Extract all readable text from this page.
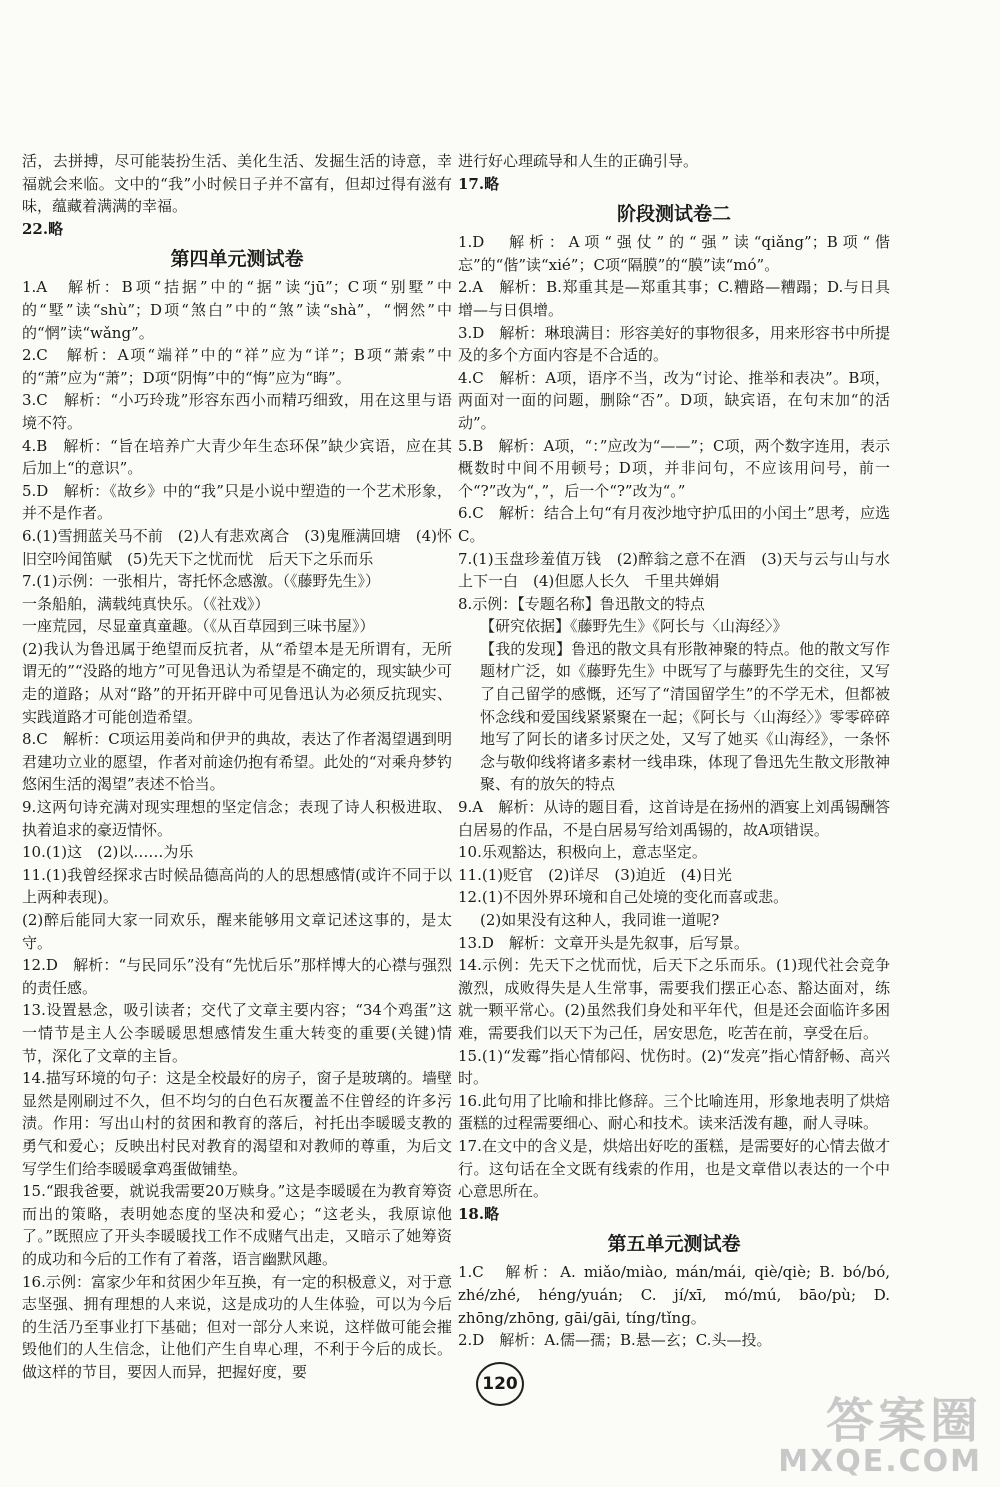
活，去拼搏，尽可能装扮生活、美化生活、发掘生活的诗意，幸福就会来临。文中的“我”小时候日子并不富有，但却过得有滋有味，蕴藏着满满的幸福。
22.略
第四单元测试卷
1.A　解析：B项“拮据”中的“据”读“jū”；C项“别墅”中的“墅”读“shù”；D项“煞白”中的“煞”读“shà”，“惘然”中的“惘”读“wǎng”。
2.C　解析：A项“端祥”中的“祥”应为“详”；B项“萧索”中的“萧”应为“萧”；D项“阴悔”中的“悔”应为“晦”。
3.C　解析：“小巧玲珑”形容东西小而精巧细致，用在这里与语境不符。
4.B　解析：“旨在培养广大青少年生态环保”缺少宾语，应在其后加上“的意识”。
5.D　解析：《故乡》中的“我”只是小说中塑造的一个艺术形象，并不是作者。
6.(1)雪拥蓝关马不前　(2)人有悲欢离合　(3)鬼雁满回塘　(4)怀旧空吟闻笛赋　(5)先天下之忧而忧　后天下之乐而乐
7.(1)示例：一张相片，寄托怀念感激。（《藤野先生》）
一条船舶，满载纯真快乐。（《社戏》）
一座荒园，尽显童真童趣。（《从百草园到三味书屋》）
(2)我认为鲁迅属于绝望而反抗者，从“希望本是无所谓有，无所谓无的”“没路的地方”可见鲁迅认为希望是不确定的，现实缺少可走的道路；从对“路”的开拓开辟中可见鲁迅认为必须反抗现实、实践道路才可能创造希望。
8.C　解析：C项运用姜尚和伊尹的典故，表达了作者渴望遇到明君建功立业的愿望，作者对前途仍抱有希望。此处的“对乘舟梦钓悠闲生活的渴望”表述不恰当。
9.这两句诗充满对现实理想的坚定信念；表现了诗人积极进取、执着追求的豪迈情怀。
10.(1)这　(2)以……为乐
11.(1)我曾经探求古时候品德高尚的人的思想感情(或许不同于以上两种表现)。
(2)醉后能同大家一同欢乐，醒来能够用文章记述这事的，是太守。
12.D　解析：“与民同乐”没有“先忧后乐”那样博大的心襟与强烈的责任感。
13.设置悬念，吸引读者；交代了文章主要内容；“34个鸡蛋”这一情节是主人公李暖暖思想感情发生重大转变的重要(关键)情节，深化了文章的主旨。
14.描写环境的句子：这是全校最好的房子，窗子是玻璃的。墙壁显然是刚刷过不久，但不均匀的白色石灰覆盖不住曾经的许多污渍。作用：写出山村的贫困和教育的落后，衬托出李暖暖支教的勇气和爱心；反映出村民对教育的渴望和对教师的尊重，为后文写学生们给李暖暖拿鸡蛋做铺垫。
15.“跟我爸要，就说我需要20万赎身。”这是李暖暖在为教育筹资而出的策略，表明她态度的坚决和爱心；“这老头，我原谅他了。”既照应了开头李暖暖找工作不成赌气出走，又暗示了她筹资的成功和今后的工作有了着落，语言幽默风趣。
16.示例：富家少年和贫困少年互换，有一定的积极意义，对于意志坚强、拥有理想的人来说，这是成功的人生体验，可以为今后的生活乃至事业打下基础；但对一部分人来说，这样做可能会摧毁他们的人生信念，让他们产生自卑心理，不利于今后的成长。做这样的节目，要因人而异，把握好度，要
进行好心理疏导和人生的正确引导。
17.略
阶段测试卷二
1.D　解析：A项“强仗”的“强”读“qiǎng”；B项“偕忘”的“偕”读“xié”；C项“隔膜”的“膜”读“mó”。
2.A　解析：B.郑重其是—郑重其事；C.糟路—糟蹋；D.与日具增—与日俱增。
3.D　解析：琳琅满目：形容美好的事物很多，用来形容书中所提及的多个方面内容是不合适的。
4.C　解析：A项，语序不当，改为“讨论、推举和表决”。B项，两面对一面的问题，删除“否”。D项，缺宾语，在句末加“的活动”。
5.B　解析：A项，“：”应改为“——”；C项，两个数字连用，表示概数时中间不用顿号；D项，并非问句，不应该用问号，前一个“?”改为“，”，后一个“?”改为“。”
6.C　解析：结合上句“有月夜沙地守护瓜田的小闰土”思考，应选C。
7.(1)玉盘珍羞值万钱　(2)醉翁之意不在酒　(3)天与云与山与水　上下一白　(4)但愿人长久　千里共婵娟
8.示例：【专题名称】鲁迅散文的特点
【研究依据】《藤野先生》《阿长与〈山海经〉》
【我的发现】鲁迅的散文具有形散神聚的特点。他的散文写作题材广泛，如《藤野先生》中既写了与藤野先生的交往，又写了自己留学的感慨，还写了“清国留学生”的不学无术，但都被怀念线和爱国线紧紧聚在一起；《阿长与〈山海经〉》零零碎碎地写了阿长的诸多讨厌之处，又写了她买《山海经》，一条怀念与敬仰线将诸多素材一线串珠，体现了鲁迅先生散文形散神聚、有的放矢的特点
9.A　解析：从诗的题目看，这首诗是在扬州的酒宴上刘禹锡酬答白居易的作品，不是白居易写给刘禹锡的，故A项错误。
10.乐观豁达，积极向上，意志坚定。
11.(1)贬官　(2)详尽　(3)迫近　(4)日光
12.(1)不因外界环境和自己处境的变化而喜或悲。
(2)如果没有这种人，我同谁一道呢?
13.D　解析：文章开头是先叙事，后写景。
14.示例：先天下之忧而忧，后天下之乐而乐。(1)现代社会竞争激烈，成败得失是人生常事，需要我们摆正心态、豁达面对，练就一颗平常心。(2)虽然我们身处和平年代，但是还会面临许多困难，需要我们以天下为己任，居安思危，吃苦在前，享受在后。
15.(1)“发霉”指心情郁闷、忧伤时。(2)“发亮”指心情舒畅、高兴时。
16.此句用了比喻和排比修辞。三个比喻连用，形象地表明了烘焙蛋糕的过程需要细心、耐心和技术。读来活泼有趣，耐人寻味。
17.在文中的含义是，烘焙出好吃的蛋糕，是需要好的心情去做才行。这句话在全文既有线索的作用，也是文章借以表达的一个中心意思所在。
18.略
第五单元测试卷
1.C　解析：A. miǎo/miào, mán/mái, qiè/qiè; B. bó/bó, zhé/zhé, héng/yuán; C. jí/xī, mó/mú, bāo/pù; D. zhōng/zhōng, gāi/gāi, tíng/tǐng。
2.D　解析：A.儒—孺；B.悬—玄；C.头—投。
120
答案圈
MXQE.COM
